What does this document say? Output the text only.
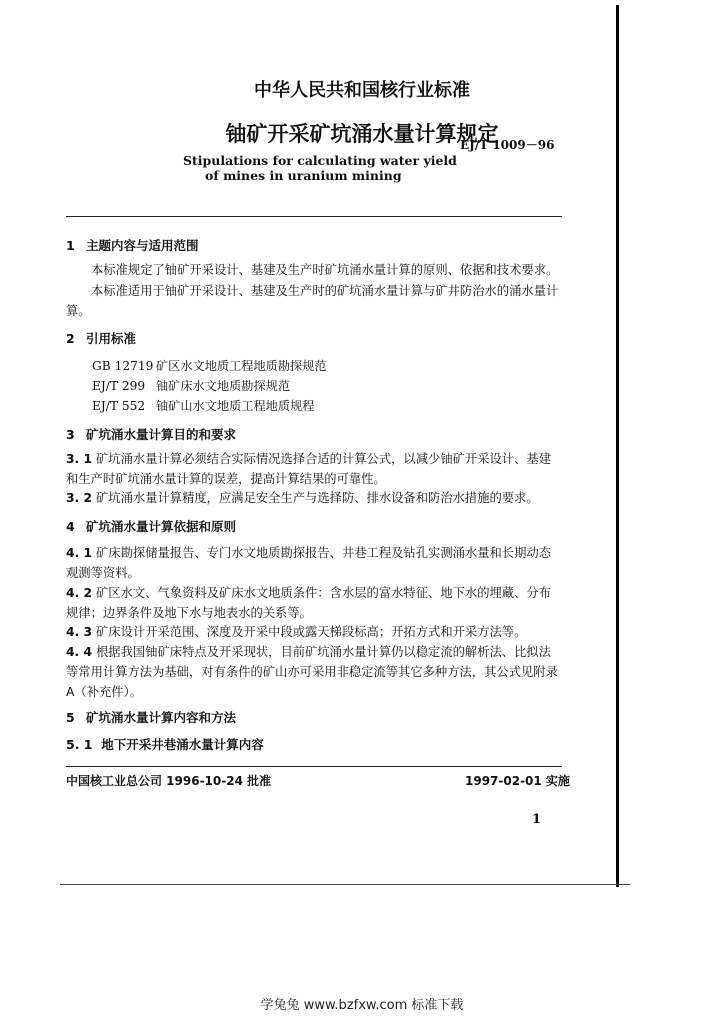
中华人民共和国核行业标准
铀矿开采矿坑涌水量计算规定
EJ/T 1009－96
Stipulations for calculating water yield
of mines in uranium mining
1 主题内容与适用范围
本标准规定了铀矿开采设计、基建及生产时矿坑涌水量计算的原则、依据和技术要求。
本标准适用于铀矿开采设计、基建及生产时的矿坑涌水量计算与矿井防治水的涌水量计算。
2 引用标准
GB 12719 矿区水文地质工程地质勘探规范
EJ/T 299 铀矿床水文地质勘探规范
EJ/T 552 铀矿山水文地质工程地质规程
3 矿坑涌水量计算目的和要求
3. 1 矿坑涌水量计算必须结合实际情况选择合适的计算公式，以减少铀矿开采设计、基建和生产时矿坑涌水量计算的误差，提高计算结果的可靠性。
3. 2 矿坑涌水量计算精度，应满足安全生产与选择防、排水设备和防治水措施的要求。
4 矿坑涌水量计算依据和原则
4. 1 矿床勘探储量报告、专门水文地质勘探报告、井巷工程及钻孔实测涌水量和长期动态观测等资料。
4. 2 矿区水文、气象资料及矿床水文地质条件：含水层的富水特征、地下水的埋藏、分布规律；边界条件及地下水与地表水的关系等。
4. 3 矿床设计开采范围、深度及开采中段或露天梯段标高；开拓方式和开采方法等。
4. 4 根据我国铀矿床特点及开采现状，目前矿坑涌水量计算仍以稳定流的解析法、比拟法等常用计算方法为基础，对有条件的矿山亦可采用非稳定流等其它多种方法，其公式见附录A（补充件）。
5 矿坑涌水量计算内容和方法
5. 1 地下开采井巷涌水量计算内容
中国核工业总公司 1996-10-24 批准	1997-02-01 实施
1
学兔兔 www.bzfxw.com 标准下载
